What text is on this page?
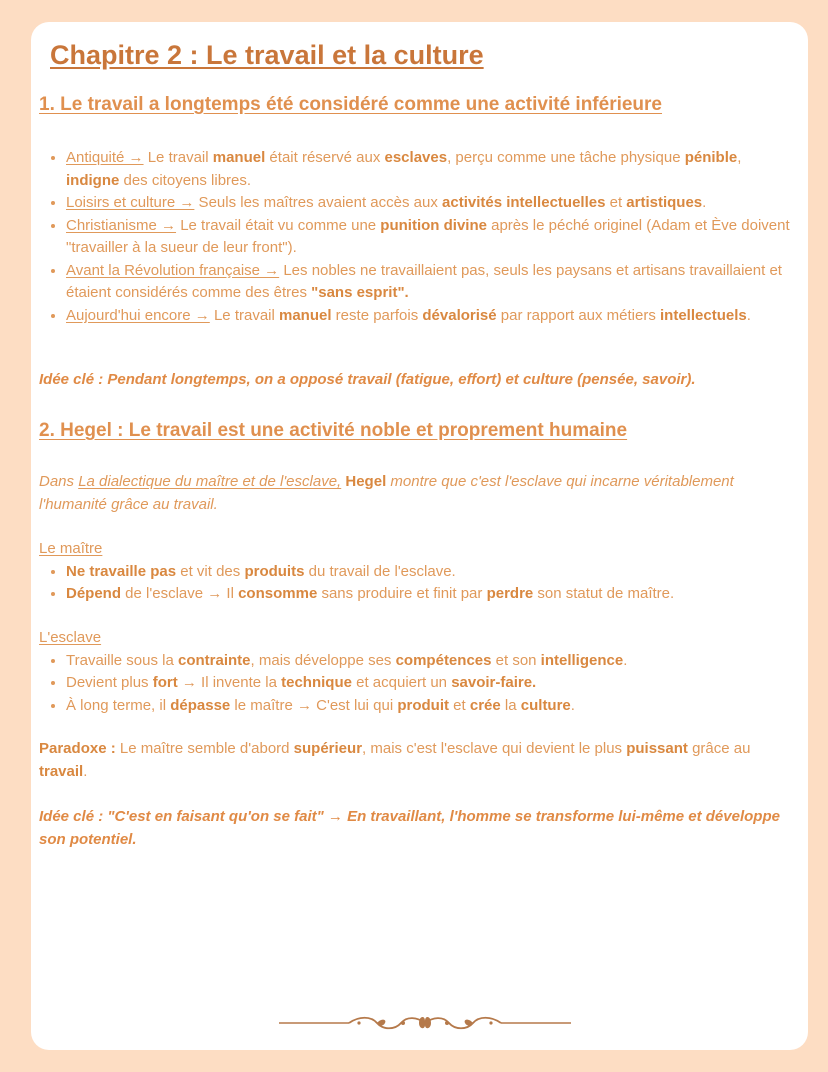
Chapitre 2 : Le travail et la culture
1. Le travail a longtemps été considéré comme une activité inférieure
• Antiquité → Le travail manuel était réservé aux esclaves, perçu comme une tâche physique pénible, indigne des citoyens libres.
• Loisirs et culture → Seuls les maîtres avaient accès aux activités intellectuelles et artistiques.
• Christianisme → Le travail était vu comme une punition divine après le péché originel (Adam et Ève doivent "travailler à la sueur de leur front").
• Avant la Révolution française → Les nobles ne travaillaient pas, seuls les paysans et artisans travaillaient et étaient considérés comme des êtres "sans esprit".
• Aujourd'hui encore → Le travail manuel reste parfois dévalorisé par rapport aux métiers intellectuels.
Idée clé : Pendant longtemps, on a opposé travail (fatigue, effort) et culture (pensée, savoir).
2. Hegel : Le travail est une activité noble et proprement humaine
Dans La dialectique du maître et de l'esclave, Hegel montre que c'est l'esclave qui incarne véritablement l'humanité grâce au travail.
Le maître
• Ne travaille pas et vit des produits du travail de l'esclave.
• Dépend de l'esclave → Il consomme sans produire et finit par perdre son statut de maître.
L'esclave
• Travaille sous la contrainte, mais développe ses compétences et son intelligence.
• Devient plus fort → Il invente la technique et acquiert un savoir-faire.
• À long terme, il dépasse le maître → C'est lui qui produit et crée la culture.
Paradoxe : Le maître semble d'abord supérieur, mais c'est l'esclave qui devient le plus puissant grâce au travail.
Idée clé : "C'est en faisant qu'on se fait" → En travaillant, l'homme se transforme lui-même et développe son potentiel.
